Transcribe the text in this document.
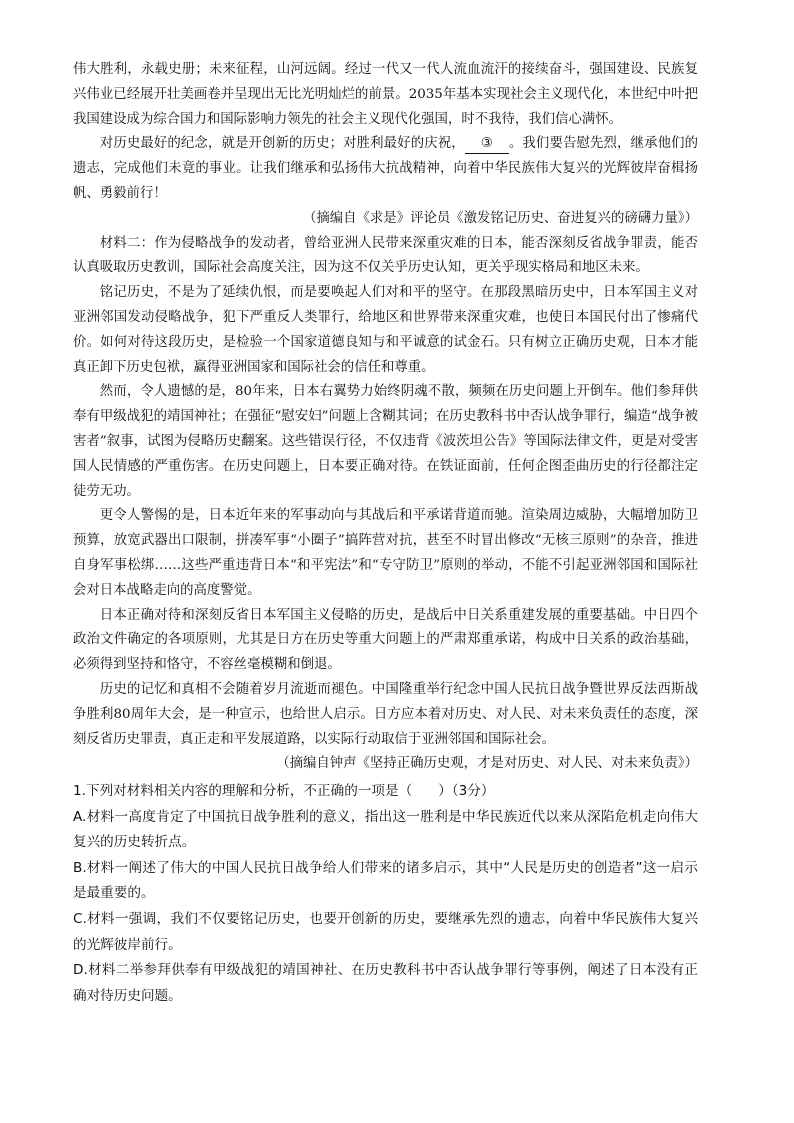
伟大胜利，永载史册；未来征程，山河远阔。经过一代又一代人流血流汗的接续奋斗，强国建设、民族复兴伟业已经展开壮美画卷并呈现出无比光明灿烂的前景。2035年基本实现社会主义现代化，本世纪中叶把我国建设成为综合国力和国际影响力领先的社会主义现代化强国，时不我待，我们信心满怀。

对历史最好的纪念，就是开创新的历史；对胜利最好的庆祝， ③ 。我们要告慰先烈，继承他们的遗志，完成他们未竟的事业。让我们继承和弘扬伟大抗战精神，向着中华民族伟大复兴的光辉彼岸奋楫扬帆、勇毅前行！

（摘编自《求是》评论员《激发铭记历史、奋进复兴的磅礴力量》）

材料二：作为侵略战争的发动者，曾给亚洲人民带来深重灾难的日本，能否深刻反省战争罪责，能否认真吸取历史教训，国际社会高度关注，因为这不仅关乎历史认知，更关乎现实格局和地区未来。

铭记历史，不是为了延续仇恨，而是要唤起人们对和平的坚守。在那段黑暗历史中，日本军国主义对亚洲邻国发动侵略战争，犯下严重反人类罪行，给地区和世界带来深重灾难，也使日本国民付出了惨痛代价。如何对待这段历史，是检验一个国家道德良知与和平诚意的试金石。只有树立正确历史观，日本才能真正卸下历史包袱，赢得亚洲国家和国际社会的信任和尊重。

然而，令人遗憾的是，80年来，日本右翼势力始终阴魂不散，频频在历史问题上开倒车。他们参拜供奉有甲级战犯的靖国神社；在强征“慰安妇”问题上含糊其词；在历史教科书中否认战争罪行，编造“战争被害者”叙事，试图为侵略历史翻案。这些错误行径，不仅违背《波茨坦公告》等国际法律文件，更是对受害国人民情感的严重伤害。在历史问题上，日本要正确对待。在铁证面前，任何企图歪曲历史的行径都注定徒劳无功。

更令人警惕的是，日本近年来的军事动向与其战后和平承诺背道而驰。渲染周边威胁，大幅增加防卫预算，放宽武器出口限制，拼凑军事“小圈子”搞阵营对抗，甚至不时冒出修改“无核三原则”的杂音，推进自身军事松绑……这些严重违背日本“和平宪法”和“专守防卫”原则的举动，不能不引起亚洲邻国和国际社会对日本战略走向的高度警觉。

日本正确对待和深刻反省日本军国主义侵略的历史，是战后中日关系重建发展的重要基础。中日四个政治文件确定的各项原则，尤其是日方在历史等重大问题上的严肃郑重承诺，构成中日关系的政治基础，必须得到坚持和恪守，不容丝毫模糊和倒退。

历史的记忆和真相不会随着岁月流逝而褪色。中国隆重举行纪念中国人民抗日战争暨世界反法西斯战争胜利80周年大会，是一种宣示，也给世人启示。日方应本着对历史、对人民、对未来负责任的态度，深刻反省历史罪责，真正走和平发展道路，以实际行动取信于亚洲邻国和国际社会。

（摘编自钟声《坚持正确历史观，才是对历史、对人民、对未来负责》）

1.下列对材料相关内容的理解和分析，不正确的一项是（ ）（3分）

A.材料一高度肯定了中国抗日战争胜利的意义，指出这一胜利是中华民族近代以来从深陷危机走向伟大复兴的历史转折点。

B.材料一阐述了伟大的中国人民抗日战争给人们带来的诸多启示，其中“人民是历史的创造者”这一启示是最重要的。

C.材料一强调，我们不仅要铭记历史，也要开创新的历史，要继承先烈的遗志，向着中华民族伟大复兴的光辉彼岸前行。

D.材料二举参拜供奉有甲级战犯的靖国神社、在历史教科书中否认战争罪行等事例，阐述了日本没有正确对待历史问题。
